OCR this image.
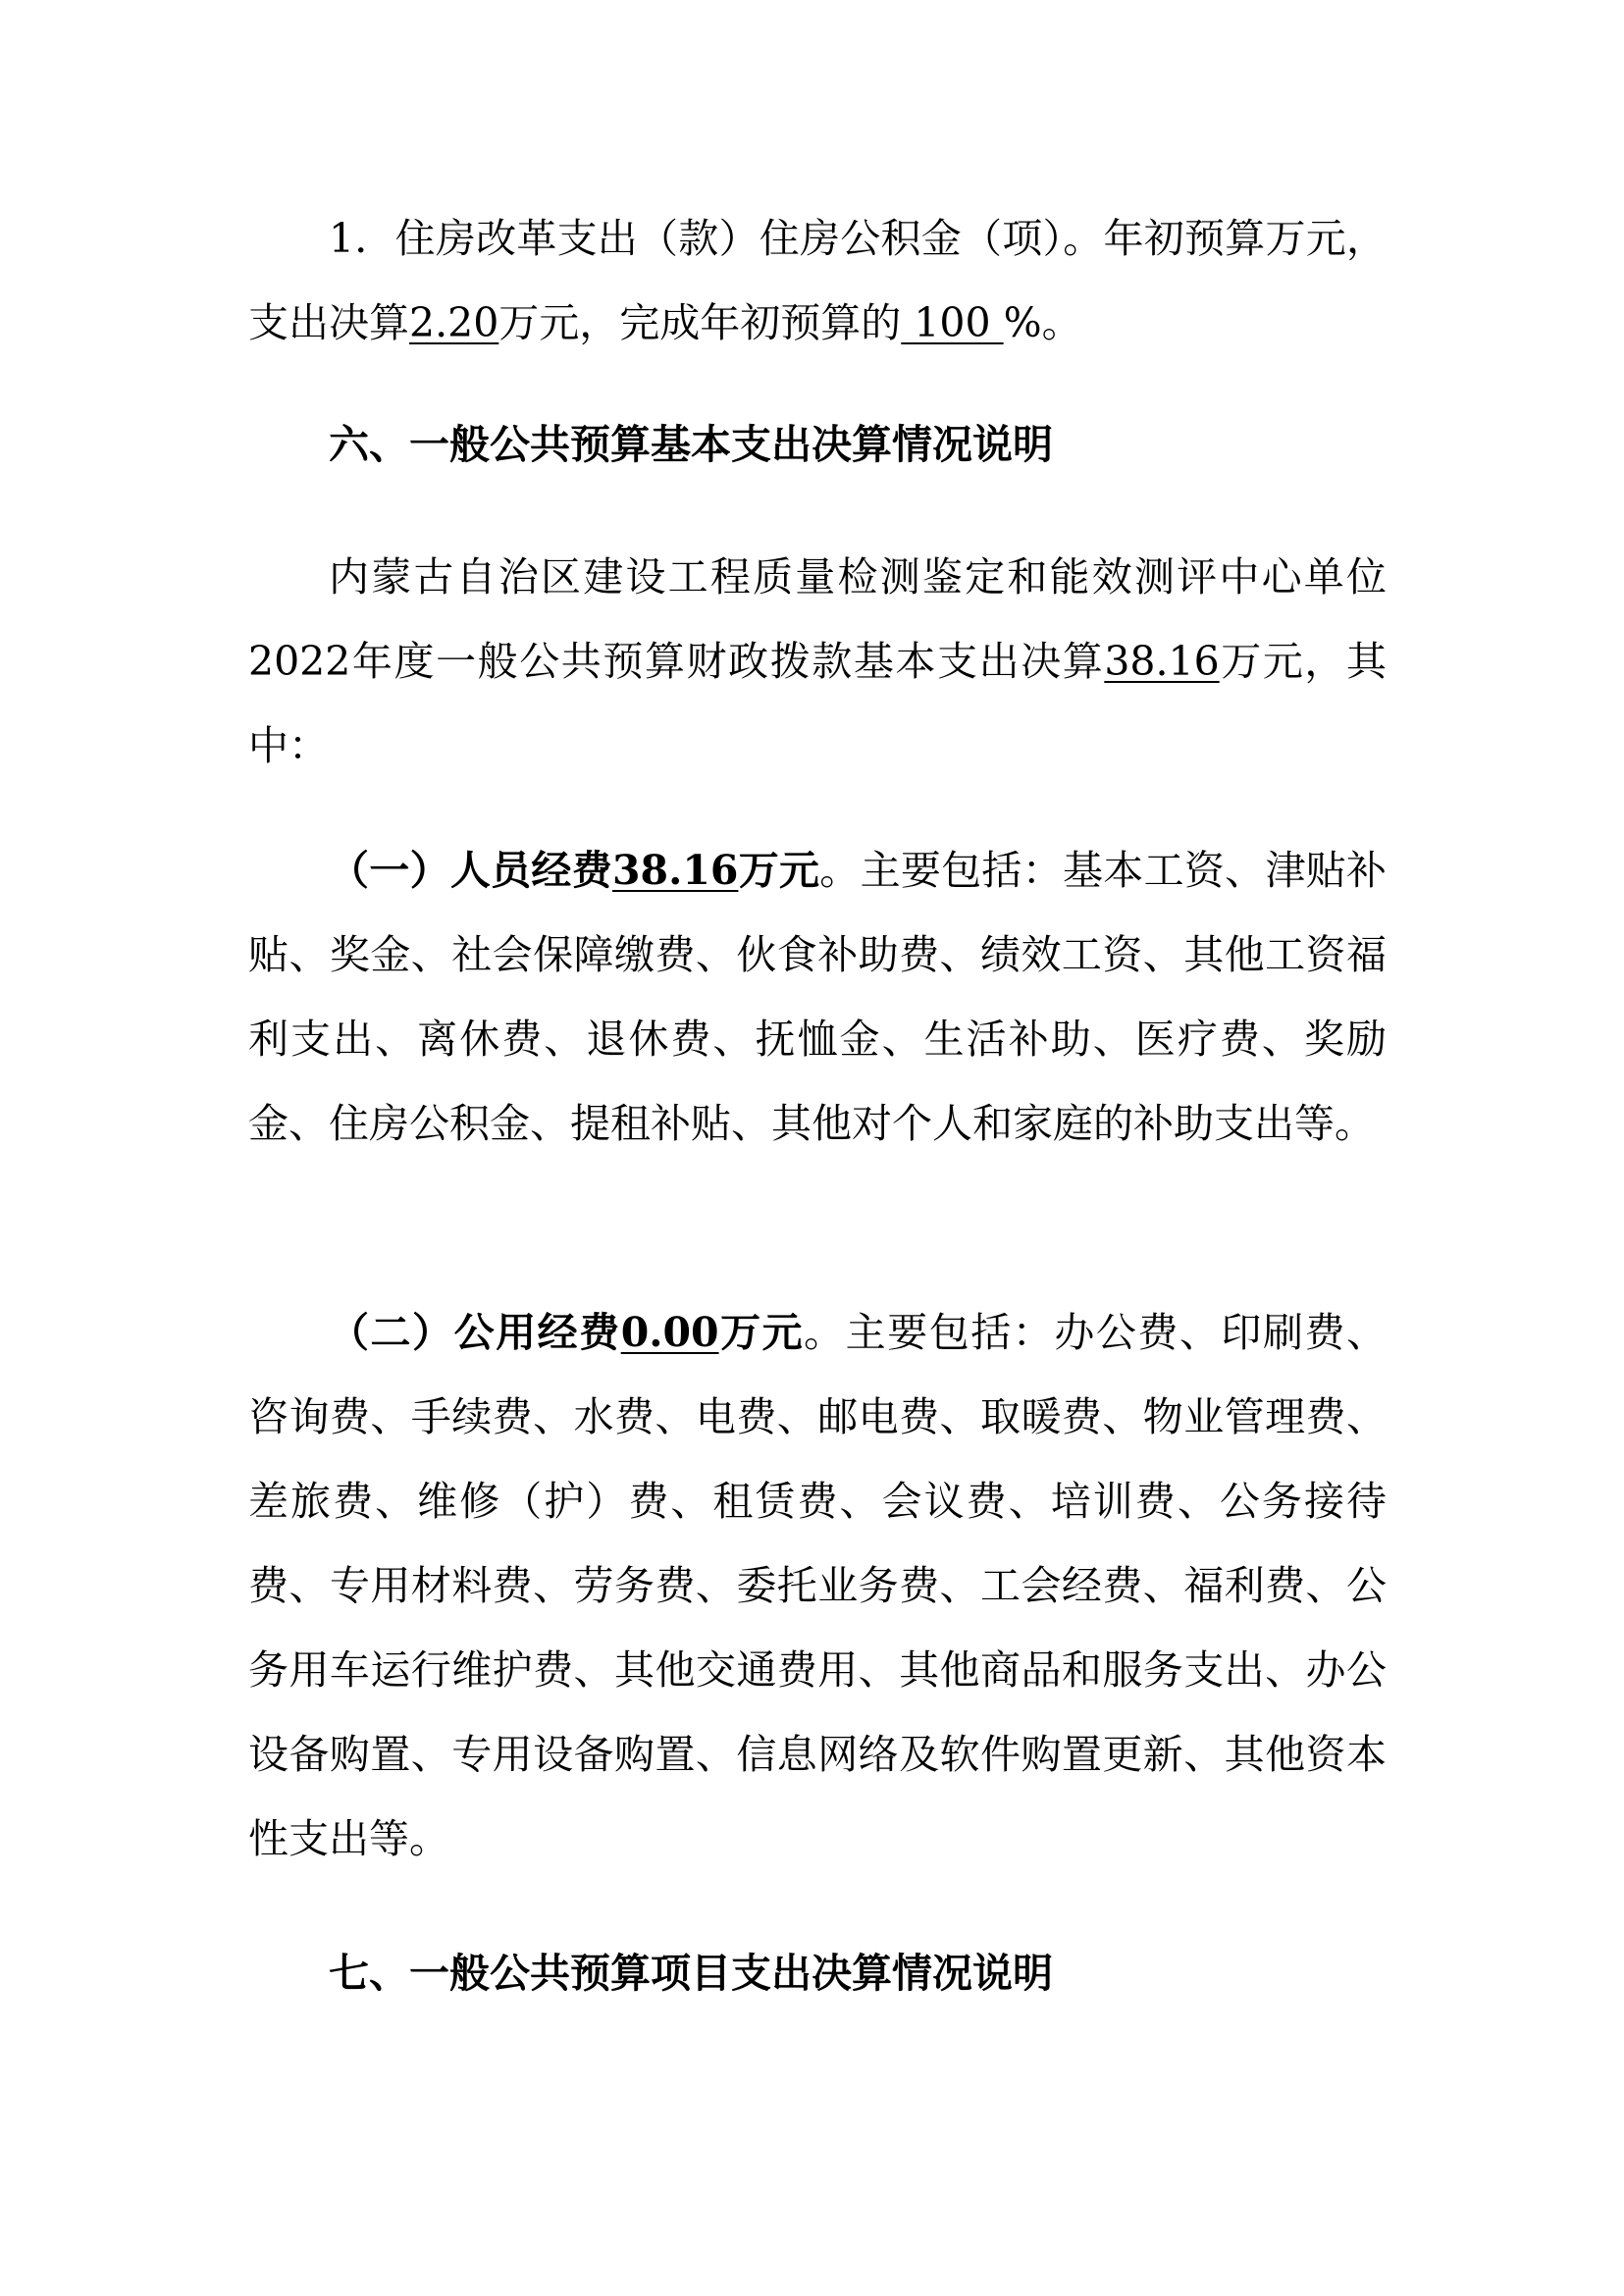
1．住房改革支出（款）住房公积金（项）。年初预算万元，支出决算2.20万元，完成年初预算的 100 %。

六、一般公共预算基本支出决算情况说明

内蒙古自治区建设工程质量检测鉴定和能效测评中心单位2022年度一般公共预算财政拨款基本支出决算38.16万元，其中：

（一）人员经费38.16万元。主要包括：基本工资、津贴补贴、奖金、社会保障缴费、伙食补助费、绩效工资、其他工资福利支出、离休费、退休费、抚恤金、生活补助、医疗费、奖励金、住房公积金、提租补贴、其他对个人和家庭的补助支出等。

（二）公用经费0.00万元。主要包括：办公费、印刷费、咨询费、手续费、水费、电费、邮电费、取暖费、物业管理费、差旅费、维修（护）费、租赁费、会议费、培训费、公务接待费、专用材料费、劳务费、委托业务费、工会经费、福利费、公务用车运行维护费、其他交通费用、其他商品和服务支出、办公设备购置、专用设备购置、信息网络及软件购置更新、其他资本性支出等。

七、一般公共预算项目支出决算情况说明
